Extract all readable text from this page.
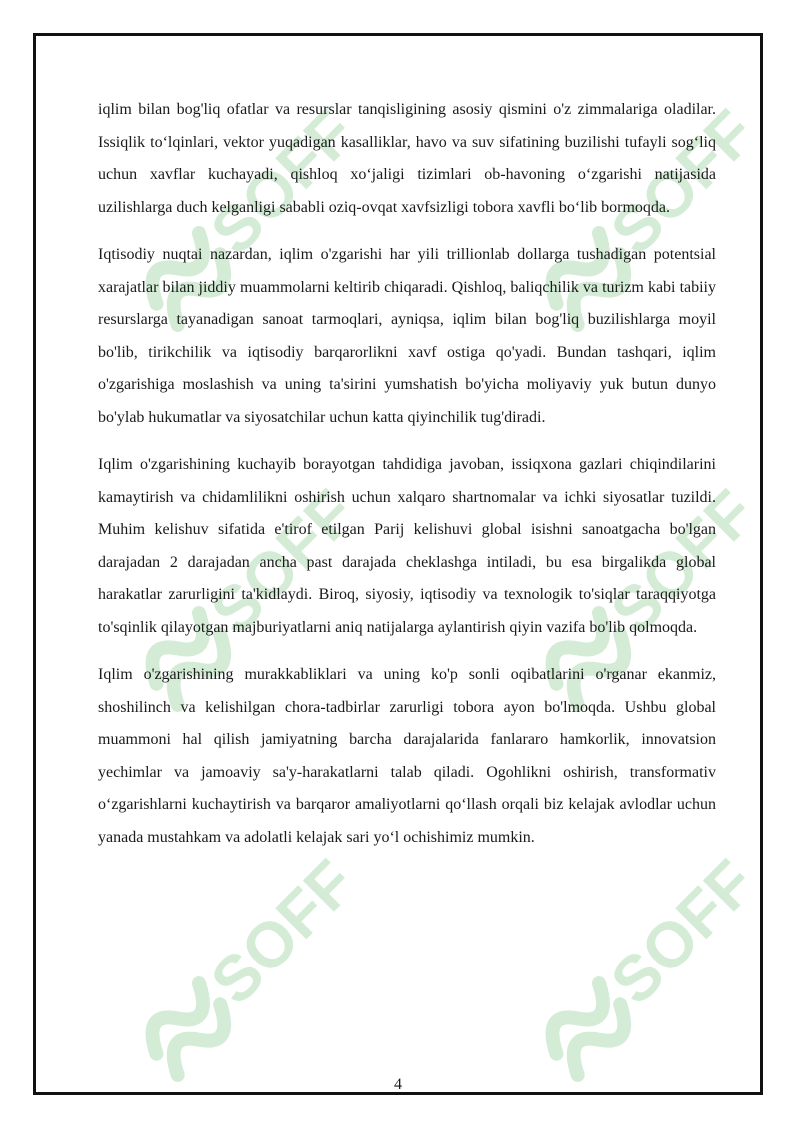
SOFF	SOFF
SOFF	SOFF
SOFF	SOFF

iqlim bilan bog'liq ofatlar va resurslar tanqisligining asosiy qismini o'z zimmalariga oladilar. Issiqlik to‘lqinlari, vektor yuqadigan kasalliklar, havo va suv sifatining buzilishi tufayli sog‘liq uchun xavflar kuchayadi, qishloq xo‘jaligi tizimlari ob-havoning o‘zgarishi natijasida uzilishlarga duch kelganligi sababli oziq-ovqat xavfsizligi tobora xavfli bo‘lib bormoqda.

Iqtisodiy nuqtai nazardan, iqlim o'zgarishi har yili trillionlab dollarga tushadigan potentsial xarajatlar bilan jiddiy muammolarni keltirib chiqaradi. Qishloq, baliqchilik va turizm kabi tabiiy resurslarga tayanadigan sanoat tarmoqlari, ayniqsa, iqlim bilan bog'liq buzilishlarga moyil bo'lib, tirikchilik va iqtisodiy barqarorlikni xavf ostiga qo'yadi. Bundan tashqari, iqlim o'zgarishiga moslashish va uning ta'sirini yumshatish bo'yicha moliyaviy yuk butun dunyo bo'ylab hukumatlar va siyosatchilar uchun katta qiyinchilik tug'diradi.

Iqlim o'zgarishining kuchayib borayotgan tahdidiga javoban, issiqxona gazlari chiqindilarini kamaytirish va chidamlilikni oshirish uchun xalqaro shartnomalar va ichki siyosatlar tuzildi. Muhim kelishuv sifatida e'tirof etilgan Parij kelishuvi global isishni sanoatgacha bo'lgan darajadan 2 darajadan ancha past darajada cheklashga intiladi, bu esa birgalikda global harakatlar zarurligini ta'kidlaydi. Biroq, siyosiy, iqtisodiy va texnologik to'siqlar taraqqiyotga to'sqinlik qilayotgan majburiyatlarni aniq natijalarga aylantirish qiyin vazifa bo'lib qolmoqda.

Iqlim o'zgarishining murakkabliklari va uning ko'p sonli oqibatlarini o'rganar ekanmiz, shoshilinch va kelishilgan chora-tadbirlar zarurligi tobora ayon bo'lmoqda. Ushbu global muammoni hal qilish jamiyatning barcha darajalarida fanlararo hamkorlik, innovatsion yechimlar va jamoaviy sa'y-harakatlarni talab qiladi. Ogohlikni oshirish, transformativ o‘zgarishlarni kuchaytirish va barqaror amaliyotlarni qo‘llash orqali biz kelajak avlodlar uchun yanada mustahkam va adolatli kelajak sari yo‘l ochishimiz mumkin.

4
